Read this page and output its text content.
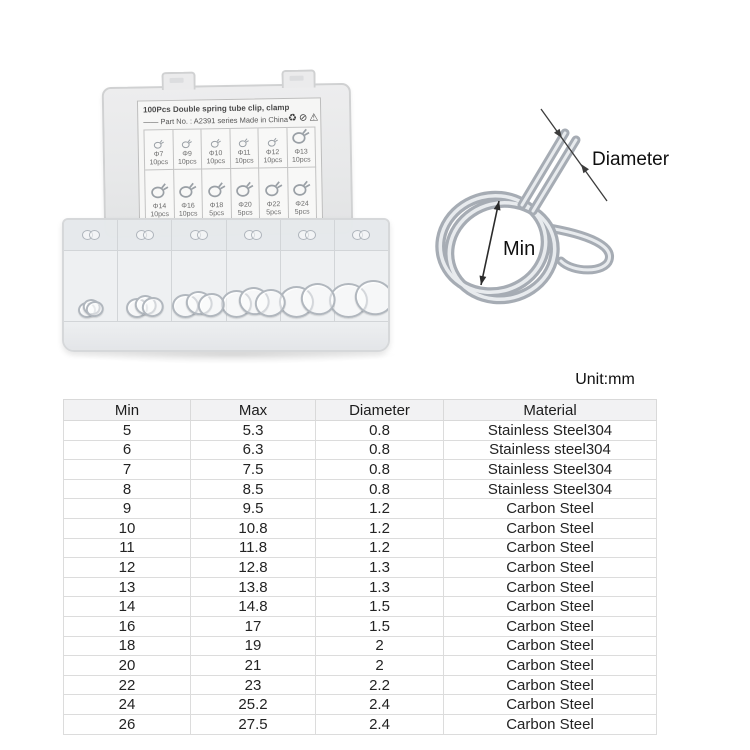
100Pcs Double spring tube clip, clamp
—— Part No. : A2391 series Made in China ♻ ⊘ ⚠
Φ7
10pcs
Φ9
10pcs
Φ10
10pcs
Φ11
10pcs
Φ12
10pcs
Φ13
10pcs
Φ14
10pcs
Φ16
10pcs
Φ18
5pcs
Φ20
5pcs
Φ22
5pcs
Φ24
5pcs
Diameter
Min
Unit:mm
Min	Max	Diameter	Material
5	5.3	0.8	Stainless Steel304
6	6.3	0.8	Stainless steel304
7	7.5	0.8	Stainless Steel304
8	8.5	0.8	Stainless Steel304
9	9.5	1.2	Carbon Steel
10	10.8	1.2	Carbon Steel
11	11.8	1.2	Carbon Steel
12	12.8	1.3	Carbon Steel
13	13.8	1.3	Carbon Steel
14	14.8	1.5	Carbon Steel
16	17	1.5	Carbon Steel
18	19	2	Carbon Steel
20	21	2	Carbon Steel
22	23	2.2	Carbon Steel
24	25.2	2.4	Carbon Steel
26	27.5	2.4	Carbon Steel
